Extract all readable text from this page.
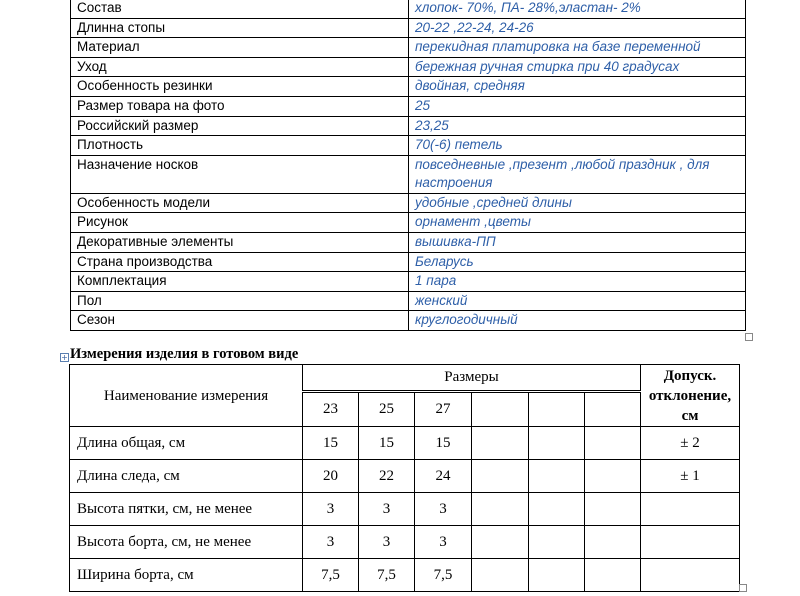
Состав	хлопок- 70%, ПА- 28%,эластан- 2%
Длинна стопы	20-22 ,22-24, 24-26
Материал	перекидная платировка на базе переменной
Уход	бережная ручная стирка при 40 градусах
Особенность резинки	двойная, средняя
Размер товара на фото	25
Российский размер	23,25
Плотность	70(-6) петель
Назначение носков	повседневные ,презент ,любой праздник , для настроения
Особенность модели	удобные ,средней длины
Рисунок	орнамент ,цветы
Декоративные элементы	вышивка-ПП
Страна производства	Беларусь
Комплектация	1 пара
Пол	женский
Сезон	круглогодичный
+ Измерения изделия в готовом виде
Наименование измерения	Размеры						Допуск. отклонение, см
	23	25	27				
Длина общая, см	15	15	15				± 2
Длина следа, см	20	22	24				± 1
Высота пятки, см, не менее	3	3	3				
Высота борта, см, не менее	3	3	3				
Ширина борта, см	7,5	7,5	7,5				
